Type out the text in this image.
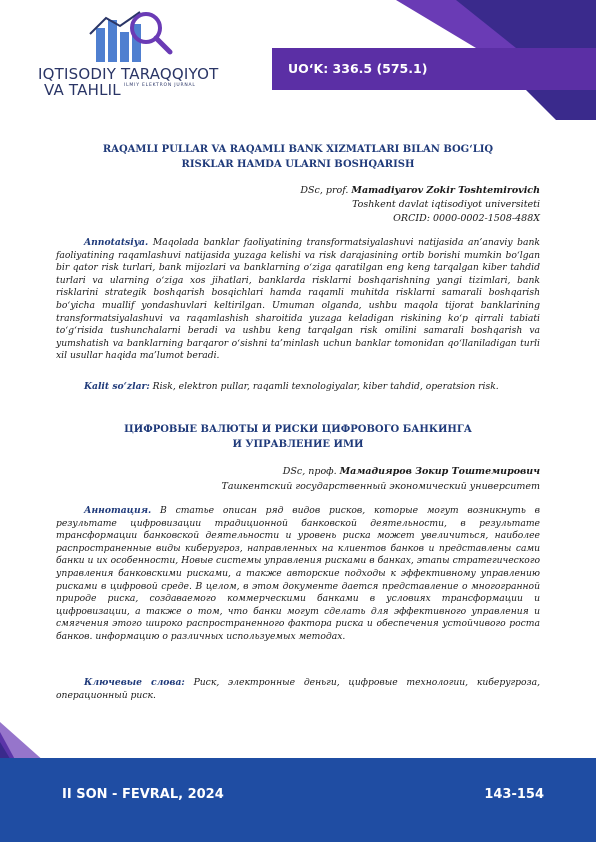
IQTISODIY TARAQQIYOT
VA TAHLIL ILMIY ELEKTRON JURNAL
UO‘K: 336.5 (575.1)
RAQAMLI PULLAR VA RAQAMLI BANK XIZMATLARI BILAN BOG‘LIQ
RISKLAR HAMDA ULARNI BOSHQARISH
DSc, prof. Mamadiyarov Zokir Toshtemirovich
Toshkent davlat iqtisodiyot universiteti
ORCID: 0000-0002-1508-488X
Annotatsiya. Maqolada banklar faoliyatining transformatsiyalashuvi natijasida an’anaviy bank faoliyatining raqamlashuvi natijasida yuzaga kelishi va risk darajasining ortib borishi mumkin bo‘lgan bir qator risk turlari, bank mijozlari va banklarning o‘ziga qaratilgan eng keng tarqalgan kiber tahdid turlari va ularning o‘ziga xos jihatlari, banklarda risklarni boshqarishning yangi tizimlari, bank risklarini strategik boshqarish bosqichlari hamda raqamli muhitda risklarni samarali boshqarish bo‘yicha muallif yondashuvlari keltirilgan. Umuman olganda, ushbu maqola tijorat banklarining transformatsiyalashuvi va raqamlashish sharoitida yuzaga keladigan riskining ko‘p qirrali tabiati to‘g‘risida tushunchalarni beradi va ushbu keng tarqalgan risk omilini samarali boshqarish va yumshatish va banklarning barqaror o‘sishni ta’minlash uchun banklar tomonidan qo‘llaniladigan turli xil usullar haqida ma’lumot beradi.
Kalit so‘zlar: Risk, elektron pullar, raqamli texnologiyalar, kiber tahdid, operatsion risk.
ЦИФРОВЫЕ ВАЛЮТЫ И РИСКИ ЦИФРОВОГО БАНКИНГА
И УПРАВЛЕНИЕ ИМИ
DSc, проф. Мамадияров Зокир Тоштемирович
Ташкентский государственный экономический университет
Аннотация. В статье описан ряд видов рисков, которые могут возникнуть в результате цифровизации традиционной банковской деятельности, в результате трансформации банковской деятельности и уровень риска может увеличиться, наиболее распространенные виды киберугроз, направленных на клиентов банков и представлены сами банки и их особенности, Новые системы управления рисками в банках, этапы стратегического управления банковскими рисками, а также авторские подходы к эффективному управлению рисками в цифровой среде. В целом, в этом документе дается представление о многогранной природе риска, создаваемого коммерческими банками в условиях трансформации и цифровизации, а также о том, что банки могут сделать для эффективного управления и смягчения этого широко распространенного фактора риска и обеспечения устойчивого роста банков. информацию о различных используемых методах.
Ключевые слова: Риск, электронные деньги, цифровые технологии, киберугроза, операционный риск.
II SON - FEVRAL, 2024	143-154
